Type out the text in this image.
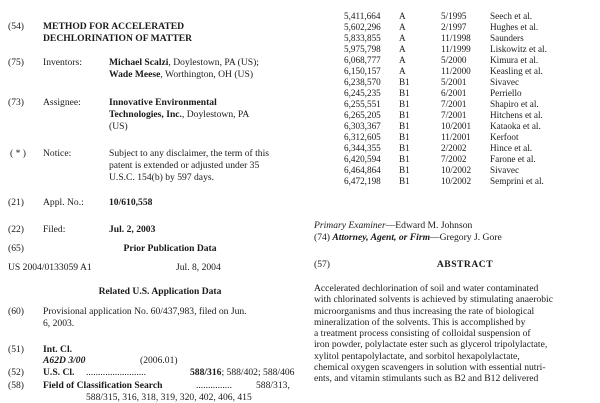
(54)	METHOD FOR ACCELERATED
DECHLORINATION OF MATTER
(75)	Inventors:	Michael Scalzi, Doylestown, PA (US);
Wade Meese, Worthington, OH (US)
(73)	Assignee:	Innovative Environmental
Technologies, Inc., Doylestown, PA
(US)
( * )	Notice:	Subject to any disclaimer, the term of this
patent is extended or adjusted under 35
U.S.C. 154(b) by 597 days.
(21)	Appl. No.:	10/610,558
(22)	Filed:	Jul. 2, 2003
(65)	Prior Publication Data
US 2004/0133059 A1	Jul. 8, 2004
Related U.S. Application Data
(60)	Provisional application No. 60/437,983, filed on Jun.
6, 2003.
(51)	Int. Cl.
A62D 3/00	(2006.01)
(52)	U.S. Cl. .........................	588/316; 588/402; 588/406
(58)	Field of Classification Search	...............	588/313,
588/315, 316, 318, 319, 320, 402, 406, 415
5,411,664 A	5/1995	Seech et al.
5,602,296 A	2/1997	Hughes et al.
5,833,855 A	11/1998 Saunders
5,975,798 A	11/1999 Liskowitz et al.
6,068,777 A	5/2000	Kimura et al.
6,150,157 A	11/2000 Keasling et al.
6,238,570 B1	5/2001	Sivavec
6,245,235 B1	6/2001	Perriello
6,255,551 B1	7/2001	Shapiro et al.
6,265,205 B1	7/2001	Hitchens et al.
6,303,367 B1	10/2001 Kataoka et al.
6,312,605 B1	11/2001 Kerfoot
6,344,355 B1	2/2002	Hince et al.
6,420,594 B1	7/2002	Farone et al.
6,464,864 B1	10/2002 Sivavec
6,472,198 B1	10/2002 Semprini et al.
Primary Examiner—Edward M. Johnson
(74) Attorney, Agent, or Firm—Gregory J. Gore
(57)	ABSTRACT
Accelerated dechlorination of soil and water contaminated
with chlorinated solvents is achieved by stimulating anaerobic
microorganisms and thus increasing the rate of biological
mineralization of the solvents. This is accomplished by
a treatment process consisting of colloidal suspension of
iron powder, polylactate ester such as glycerol tripolylactate,
xylitol pentapolylactate, and sorbitol hexapolylactate,
chemical oxygen scavengers in solution with essential nutri-
ents, and vitamin stimulants such as B2 and B12 delivered
